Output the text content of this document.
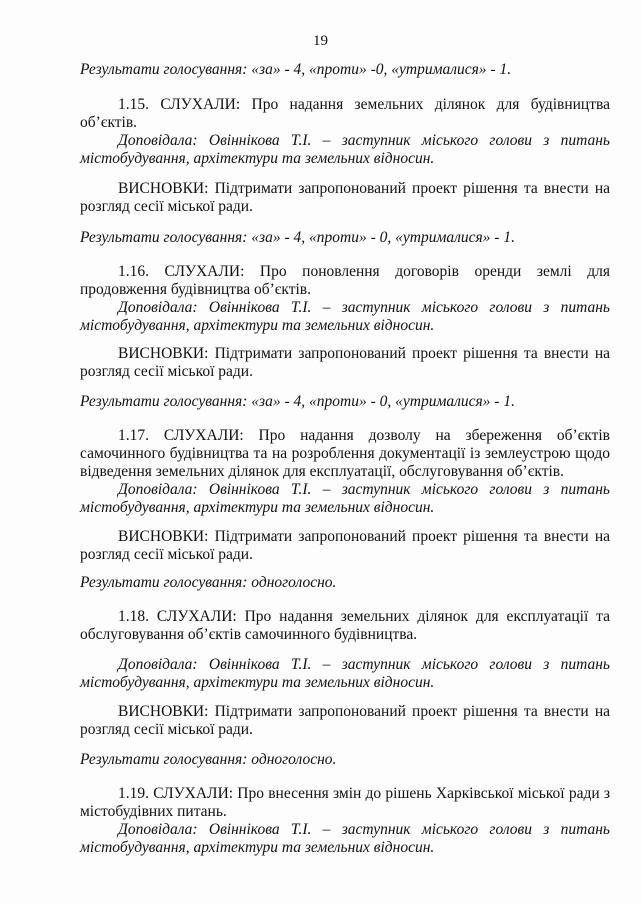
19
Результати голосування: «за» - 4, «проти» -0, «утрималися» - 1.
1.15. СЛУХАЛИ: Про надання земельних ділянок для будівництва
об’єктів.
Доповідала: Овіннікова Т.І. – заступник міського голови з питань
містобудування, архітектури та земельних відносин.
ВИСНОВКИ: Підтримати запропонований проект рішення та внести на
розгляд сесії міської ради.
Результати голосування: «за» - 4, «проти» - 0, «утрималися» - 1.
1.16. СЛУХАЛИ: Про поновлення договорів оренди землі для
продовження будівництва об’єктів.
Доповідала: Овіннікова Т.І. – заступник міського голови з питань
містобудування, архітектури та земельних відносин.
ВИСНОВКИ: Підтримати запропонований проект рішення та внести на
розгляд сесії міської ради.
Результати голосування: «за» - 4, «проти» - 0, «утрималися» - 1.
1.17. СЛУХАЛИ: Про надання дозволу на збереження об’єктів
самочинного будівництва та на розроблення документації із землеустрою щодо
відведення земельних ділянок для експлуатації, обслуговування об’єктів.
Доповідала: Овіннікова Т.І. – заступник міського голови з питань
містобудування, архітектури та земельних відносин.
ВИСНОВКИ: Підтримати запропонований проект рішення та внести на
розгляд сесії міської ради.
Результати голосування: одноголосно.
1.18. СЛУХАЛИ: Про надання земельних ділянок для експлуатації та
обслуговування об’єктів самочинного будівництва.
Доповідала: Овіннікова Т.І. – заступник міського голови з питань
містобудування, архітектури та земельних відносин.
ВИСНОВКИ: Підтримати запропонований проект рішення та внести на
розгляд сесії міської ради.
Результати голосування: одноголосно.
1.19. СЛУХАЛИ: Про внесення змін до рішень Харківської міської ради з
містобудівних питань.
Доповідала: Овіннікова Т.І. – заступник міського голови з питань
містобудування, архітектури та земельних відносин.
